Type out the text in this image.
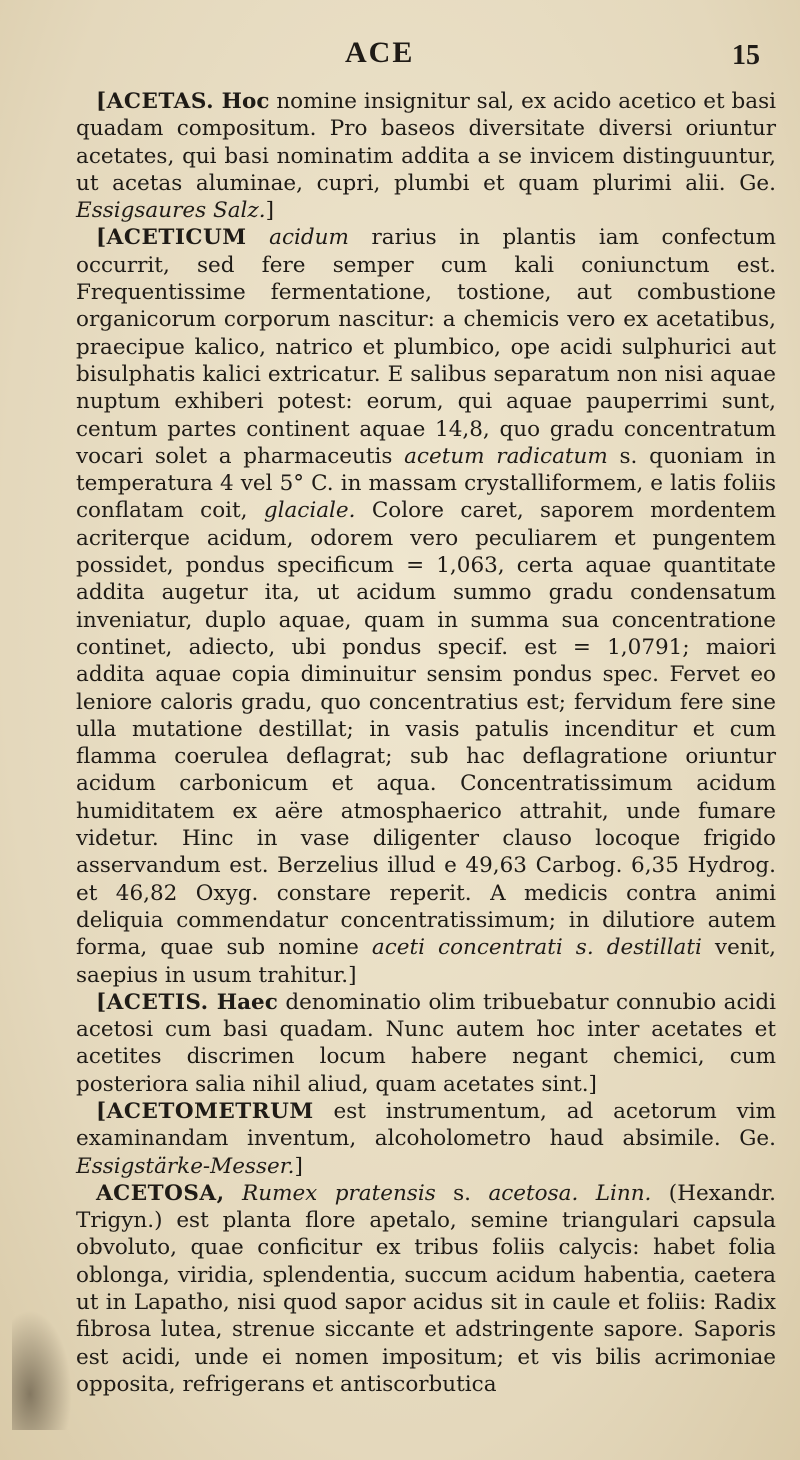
ACE	15

[ACETAS. Hoc nomine insignitur sal, ex acido acetico et basi quadam compositum. Pro baseos diversitate diversi oriuntur acetates, qui basi nominatim addita a se invicem distinguuntur, ut acetas aluminae, cupri, plumbi et quam plurimi alii. Ge. Essigsaures Salz.]

[ACETICUM acidum rarius in plantis iam confectum occurrit, sed fere semper cum kali coniunctum est. Frequentissime fermentatione, tostione, aut combustione organicorum corporum nascitur: a chemicis vero ex acetatibus, praecipue kalico, natrico et plumbico, ope acidi sulphurici aut bisulphatis kalici extricatur. E salibus separatum non nisi aquae nuptum exhiberi potest: eorum, qui aquae pauperrimi sunt, centum partes continent aquae 14,8, quo gradu concentratum vocari solet a pharmaceutis acetum radicatum s. quoniam in temperatura 4 vel 5° C. in massam crystalliformem, e latis foliis conflatam coit, glaciale. Colore caret, saporem mordentem acriterque acidum, odorem vero peculiarem et pungentem possidet, pondus specificum = 1,063, certa aquae quantitate addita augetur ita, ut acidum summo gradu condensatum inveniatur, duplo aquae, quam in summa sua concentratione continet, adiecto, ubi pondus specif. est = 1,0791; maiori addita aquae copia diminuitur sensim pondus spec. Fervet eo leniore caloris gradu, quo concentratius est; fervidum fere sine ulla mutatione destillat; in vasis patulis incenditur et cum flamma coerulea deflagrat; sub hac deflagratione oriuntur acidum carbonicum et aqua. Concentratissimum acidum humiditatem ex aëre atmosphaerico attrahit, unde fumare videtur. Hinc in vase diligenter clauso locoque frigido asservandum est. Berzelius illud e 49,63 Carbog. 6,35 Hydrog. et 46,82 Oxyg. constare reperit. A medicis contra animi deliquia commendatur concentratissimum; in dilutiore autem forma, quae sub nomine aceti concentrati s. destillati venit, saepius in usum trahitur.]

[ACETIS. Haec denominatio olim tribuebatur connubio acidi acetosi cum basi quadam. Nunc autem hoc inter acetates et acetites discrimen locum habere negant chemici, cum posteriora salia nihil aliud, quam acetates sint.]

[ACETOMETRUM est instrumentum, ad acetorum vim examinandam inventum, alcoholometro haud absimile. Ge. Essigstärke-Messer.]

ACETOSA, Rumex pratensis s. acetosa. Linn. (Hexandr. Trigyn.) est planta flore apetalo, semine triangulari capsula obvoluto, quae conficitur ex tribus foliis calycis: habet folia oblonga, viridia, splendentia, succum acidum habentia, caetera ut in Lapatho, nisi quod sapor acidus sit in caule et foliis: Radix fibrosa lutea, strenue siccante et adstringente sapore. Saporis est acidi, unde ei nomen impositum; et vis bilis acrimoniae opposita, refrigerans et antiscorbutica
